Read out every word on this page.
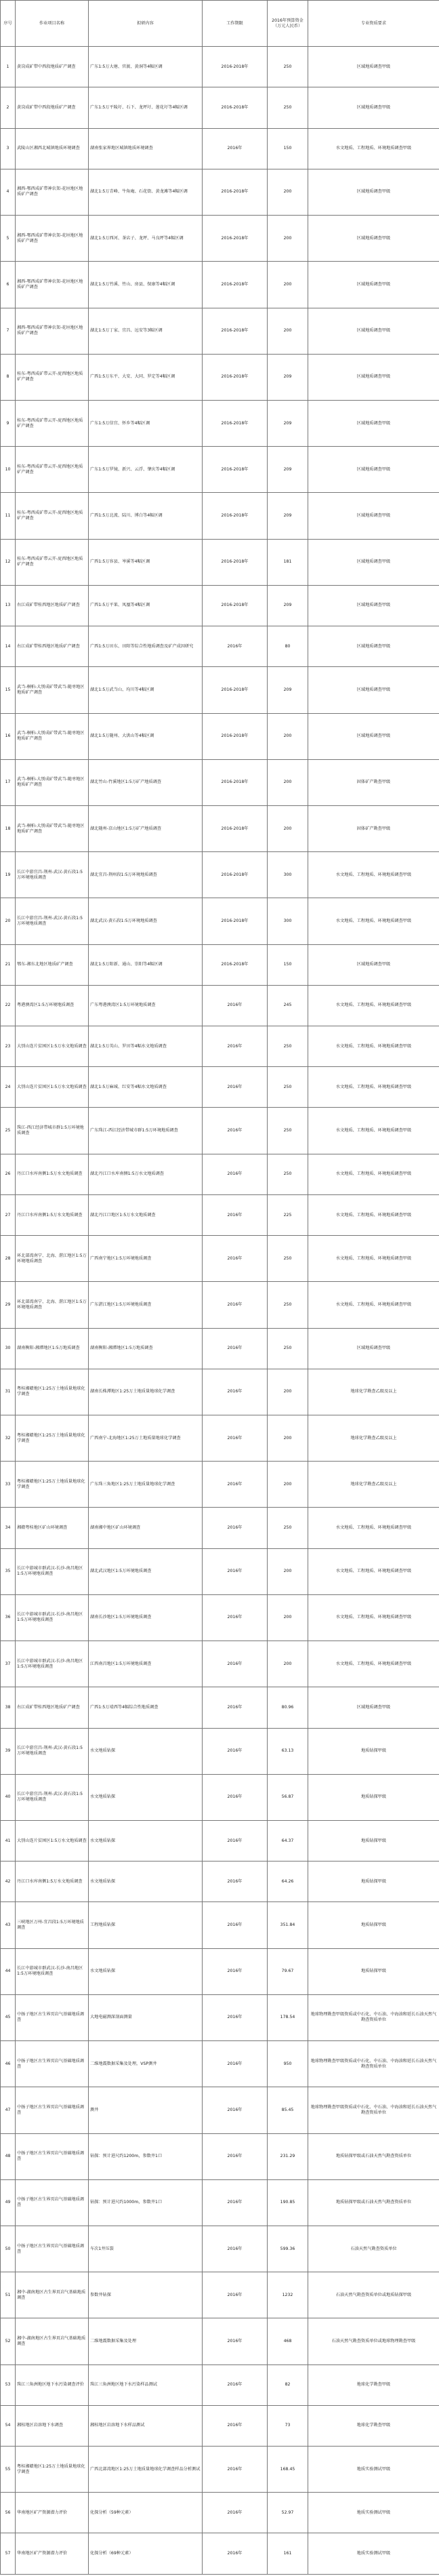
序号	作业项目名称	拟研内容	工作期限	2016年预算资金（万元人民币）	专业资质要求
1	黄岗成矿带中西段地质矿产调查	广东1:5万大塘、官渡、黄洞等4幅区调	2016-2018年	250	区域地质调查甲级
2	黄岗成矿带中西段地质矿产调查	广东1:5万平陵圩、石下、龙坪圩、莲花圩等4幅区调	2016-2018年	250	区域地质调查甲级
3	武陵山区湘西北城镇地质环境调查	湖南张家界地区城镇地质环境调查	2016年	150	水文地质、工程地质、环境地质调查甲级
4	湘西-鄂西成矿带神农架-花垣地区地质矿产调查	湖北1:5万青峰、牛角庵、石花街、黄龙滩等4幅区调	2016-2018年	200	区域地质调查甲级
5	湘西-鄂西成矿带神农架-花垣地区地质矿产调查	湖北1:5万西河、茶店子、龙坪、马良坪等4幅区调	2016-2018年	200	区域地质调查甲级
6	湘西-鄂西成矿带神农架-花垣地区地质矿产调查	湖北1:5万竹溪、竹山、房县、保康等4幅区调	2016-2018年	200	区域地质调查甲级
7	湘西-鄂西成矿带神农架-花垣地区地质矿产调查	湖北1:5万丁家、宜昌、远安等3幅区调	2016-2018年	200	区域地质调查甲级
8	桂东-粤西成矿带云开-庞西地区地质矿产调查	广西1:5万东平、大安、大同、罗定等4幅区调	2016-2018年	209	区域地质调查甲级
9	桂东-粤西成矿带云开-庞西地区地质矿产调查	广东1:5万信宜、怀乡等4幅区调	2016-2018年	209	区域地质调查甲级
10	桂东-粤西成矿带云开-庞西地区地质矿产调查	广东1:5万罗镜、新兴、云浮、肇庆等4幅区调	2016-2018年	209	区域地质调查甲级
11	桂东-粤西成矿带云开-庞西地区地质矿产调查	广西1:5万北流、陆川、博白等4幅区调	2016-2018年	209	区域地质调查甲级
12	桂东-粤西成矿带云开-庞西地区地质矿产调查	广西1:5万容县、岑溪等4幅区调	2016-2018年	181	区域地质调查甲级
13	右江成矿带桂西地区地质矿产调查	广西1:5万平果、凤凰等4幅区调	2016-2018年	209	区域地质调查甲级
14	右江成矿带桂西地区地质矿产调查	广西1:5万田东、田阳等综合性地质调查及矿产成因研究	2016年	80	区域地质调查甲级
15	武当-桐柏-大别成矿带武当-随枣地区地质矿产调查	湖北1:5万武当山、均川等4幅区调	2016-2018年	209	区域地质调查甲级
16	武当-桐柏-大别成矿带武当-随枣地区地质矿产调查	湖北1:5万随州、大洪山等4幅区调	2016-2018年	200	区域地质调查甲级
17	武当-桐柏-大别成矿带武当-随枣地区地质矿产调查	湖北竹山-竹溪地区1:5万矿产地质调查	2016-2018年	200	固体矿产勘查甲级
18	武当-桐柏-大别成矿带武当-随枣地区地质矿产调查	湖北随州-京山地区1:5万矿产地质调查	2016-2018年	200	固体矿产勘查甲级
19	长江中游宜昌-荆州-武汉-黄石段1:5万环境地质调查	湖北宜昌-荆州段1:5万环境地质调查	2016-2018年	300	水文地质、工程地质、环境地质调查甲级
20	长江中游宜昌-荆州-武汉-黄石段1:5万环境地质调查	湖北武汉-黄石段1:5万环境地质调查	2016-2018年	300	水文地质、工程地质、环境地质调查甲级
21	鄂东-湘东北地区地质矿产调查	湖北1:5万阳新、通山、崇阳等4幅区调	2016-2018年	150	区域地质调查甲级
22	粤港澳湾区1:5万环境地质调查	广东粤港澳湾区1:5万环境地质调查	2016年	245	水文地质、工程地质、环境地质调查甲级
23	大别山连片贫困区1:5万水文地质调查	湖北1:5万英山、罗田等4幅水文地质调查	2016年	250	水文地质、工程地质、环境地质调查甲级
24	大别山连片贫困区1:5万水文地质调查	湖北1:5万麻城、红安等4幅水文地质调查	2016年	250	水文地质、工程地质、环境地质调查甲级
25	珠江-西江经济带城市群1:5万环境地质调查	广东珠江-西江经济带城市群1:5万环境地质调查	2016年	250	水文地质、工程地质、环境地质调查甲级
26	丹江口水库南侧1:5万水文地质调查	湖北丹江口水库南侧1:5万水文地质调查	2016年	250	水文地质、工程地质、环境地质调查甲级
27	丹江口水库南侧1:5万水文地质调查	湖北丹江口地区1:5万水文地质调查	2016年	225	水文地质、工程地质、环境地质调查甲级
28	环北部湾南宁、北海、湛江地区1:5万环境地质调查	广西南宁地区1:5万环境地质调查	2016年	250	水文地质、工程地质、环境地质调查甲级
29	环北部湾南宁、北海、湛江地区1:5万环境地质调查	广东湛江地区1:5万环境地质调查	2016年	250	水文地质、工程地质、环境地质调查甲级
30	湖南衡阳-湘潭地区1:5万地质调查	湖南衡阳-湘潭地区1:5万地质调查	2016年	250	区域地质调查甲级
31	粤桂湘赣地区1:25万土地质量地球化学调查	湖南长株潭地区1:25万土地质量地球化学调查	2016年	200	地球化学勘查乙级及以上
32	粤桂湘赣地区1:25万土地质量地球化学调查	广西南宁-北海地区1:25万土地质量地球化学调查	2016年	200	地球化学勘查乙级及以上
33	粤桂湘赣地区1:25万土地质量地球化学调查	广东珠三角地区1:25万土地质量地球化学调查	2016年	200	地球化学勘查乙级及以上
34	湘赣粤桂地区矿山环境调查	湖南湘中地区矿山环境调查	2016年	250	水文地质、工程地质、环境地质调查甲级
35	长江中游城市群武汉-长沙-南昌地区1:5万环境地质调查	湖北武汉地区1:5万环境地质调查	2016年	200	水文地质、工程地质、环境地质调查甲级
36	长江中游城市群武汉-长沙-南昌地区1:5万环境地质调查	湖南长沙地区1:5万环境地质调查	2016年	200	水文地质、工程地质、环境地质调查甲级
37	长江中游城市群武汉-长沙-南昌地区1:5万环境地质调查	江西南昌地区1:5万环境地质调查	2016年	200	水文地质、工程地质、环境地质调查甲级
38	右江成矿带桂西地区地质矿产调查	广西1:5万靖西等4幅综合性地质调查	2016年	80.96	区域地质调查甲级
39	长江中游宜昌-荆州-武汉-黄石段1:5万环境地质调查	水文地质钻探	2016年	63.13	地质钻探甲级
40	长江中游宜昌-荆州-武汉-黄石段1:5万环境地质调查	水文地质钻探	2016年	56.87	地质钻探甲级
41	大别山连片贫困区1:5万水文地质调查	水文地质钻探	2016年	64.37	地质钻探甲级
42	丹江口水库南侧1:5万水文地质调查	水文地质钻探	2016年	64.26	地质钻探甲级
43	三峡地区万州-宜昌段1:5万环境地质调查	工程地质钻探	2016年	351.84	地质钻探甲级
44	长江中游城市群武汉-长沙-南昌地区1:5万环境地质调查	水文地质钻探	2016年	79.67	地质钻探甲级
45	中扬子地区古生界页岩气基础地质调查	大地电磁测深剖面测量	2016年	178.54	地球物理勘查甲级资质或中石化、中石油、中海油和延长石油天然气勘查资质单位
46	中扬子地区古生界页岩气基础地质调查	二维地震数据采集及处理，VSP测井	2016年	950	地球物理勘查甲级资质或中石化、中石油、中海油和延长石油天然气勘查资质单位
47	中扬子地区古生界页岩气基础地质调查	测井	2016年	85.45	地球物理勘查甲级资质或中石化、中石油、中海油和延长石油天然气勘查资质单位
48	中扬子地区古生界页岩气基础地质调查	钻探：预计进尺约1200m，参数井1口	2016年	231.29	地质钻探甲级或石油天然气勘查资质单位
49	中扬子地区古生界页岩气基础地质调查	钻探：预计进尺约1000m，参数井1口	2016年	190.85	地质钻探甲级或石油天然气勘查资质单位
50	中扬子地区古生界页岩气基础地质调查	车次1井压裂	2016年	599.36	石油天然气勘查资质单位
51	湘中-湖南地区古生界页岩气基础地质调查	参数井钻探	2016年	1232	石油天然气勘查资质单位或地质钻探甲级
52	湘中-湖南地区古生界页岩气基础地质调查	二维地震数据采集及处理	2016年	468	石油天然气勘查资质单位或地球物理勘查甲级
53	珠江三角洲地区地下水污染调查评价	珠江三角洲地区地下水污染样品测试	2016年	82	地球化学勘查甲级
54	湘桂地区岩溶地下水调查	湘桂地区岩溶地下水样品测试	2016年	73	地球化学勘查甲级
55	粤桂湘赣地区1:25万土地质量地球化学调查	广西北部湾地区1:25万土地质量地球化学调查样品分析测试	2016年	168.45	地质实验测试甲级
56	华南地区矿产资源潜力评价	化探分析（59种元素）	2016年	52.97	地质实验测试甲级
57	华南地区矿产资源潜力评价	化探分析（69种元素）	2016年	161	地质实验测试甲级
